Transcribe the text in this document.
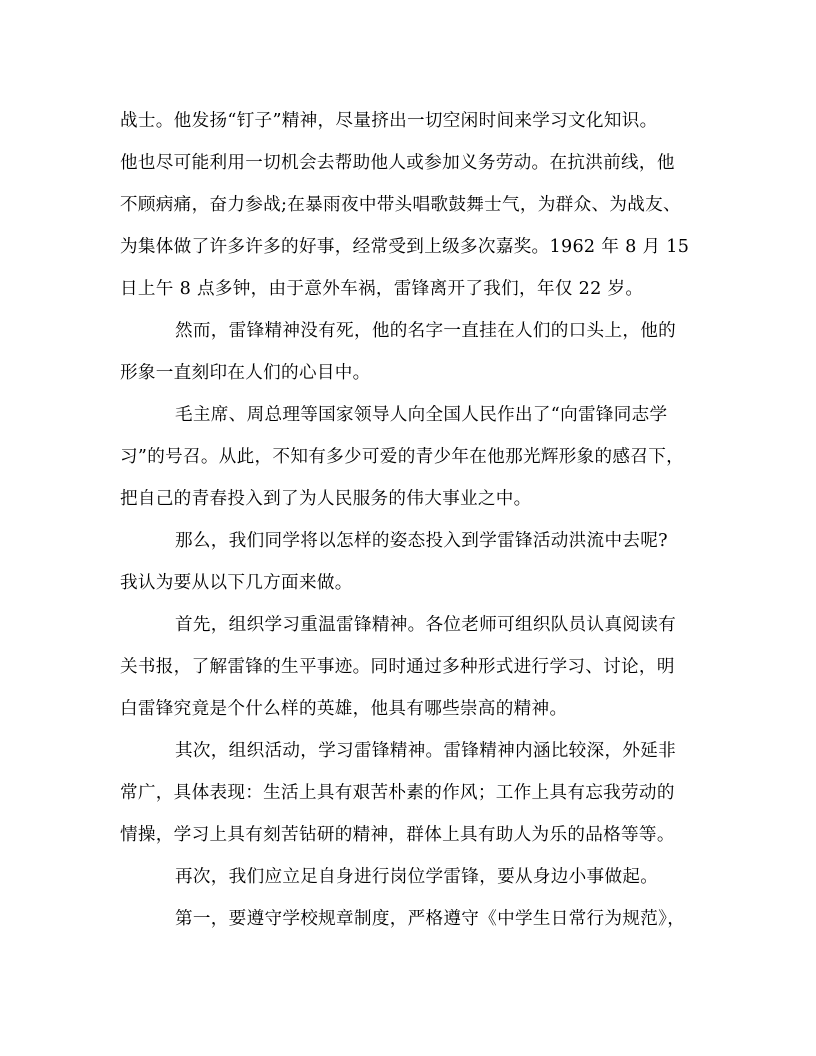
战士。他发扬“钉子”精神，尽量挤出一切空闲时间来学习文化知识。
他也尽可能利用一切机会去帮助他人或参加义务劳动。在抗洪前线，他
不顾病痛，奋力参战;在暴雨夜中带头唱歌鼓舞士气，为群众、为战友、
为集体做了许多许多的好事，经常受到上级多次嘉奖。1962 年 8 月 15
日上午 8 点多钟，由于意外车祸，雷锋离开了我们，年仅 22 岁。
然而，雷锋精神没有死，他的名字一直挂在人们的口头上，他的
形象一直刻印在人们的心目中。
毛主席、周总理等国家领导人向全国人民作出了“向雷锋同志学
习”的号召。从此，不知有多少可爱的青少年在他那光辉形象的感召下，
把自己的青春投入到了为人民服务的伟大事业之中。
那么，我们同学将以怎样的姿态投入到学雷锋活动洪流中去呢?
我认为要从以下几方面来做。
首先，组织学习重温雷锋精神。各位老师可组织队员认真阅读有
关书报，了解雷锋的生平事迹。同时通过多种形式进行学习、讨论，明
白雷锋究竟是个什么样的英雄，他具有哪些崇高的精神。
其次，组织活动，学习雷锋精神。雷锋精神内涵比较深，外延非
常广，具体表现：生活上具有艰苦朴素的作风；工作上具有忘我劳动的
情操，学习上具有刻苦钻研的精神，群体上具有助人为乐的品格等等。
再次，我们应立足自身进行岗位学雷锋，要从身边小事做起。
第一，要遵守学校规章制度，严格遵守《中学生日常行为规范》，
